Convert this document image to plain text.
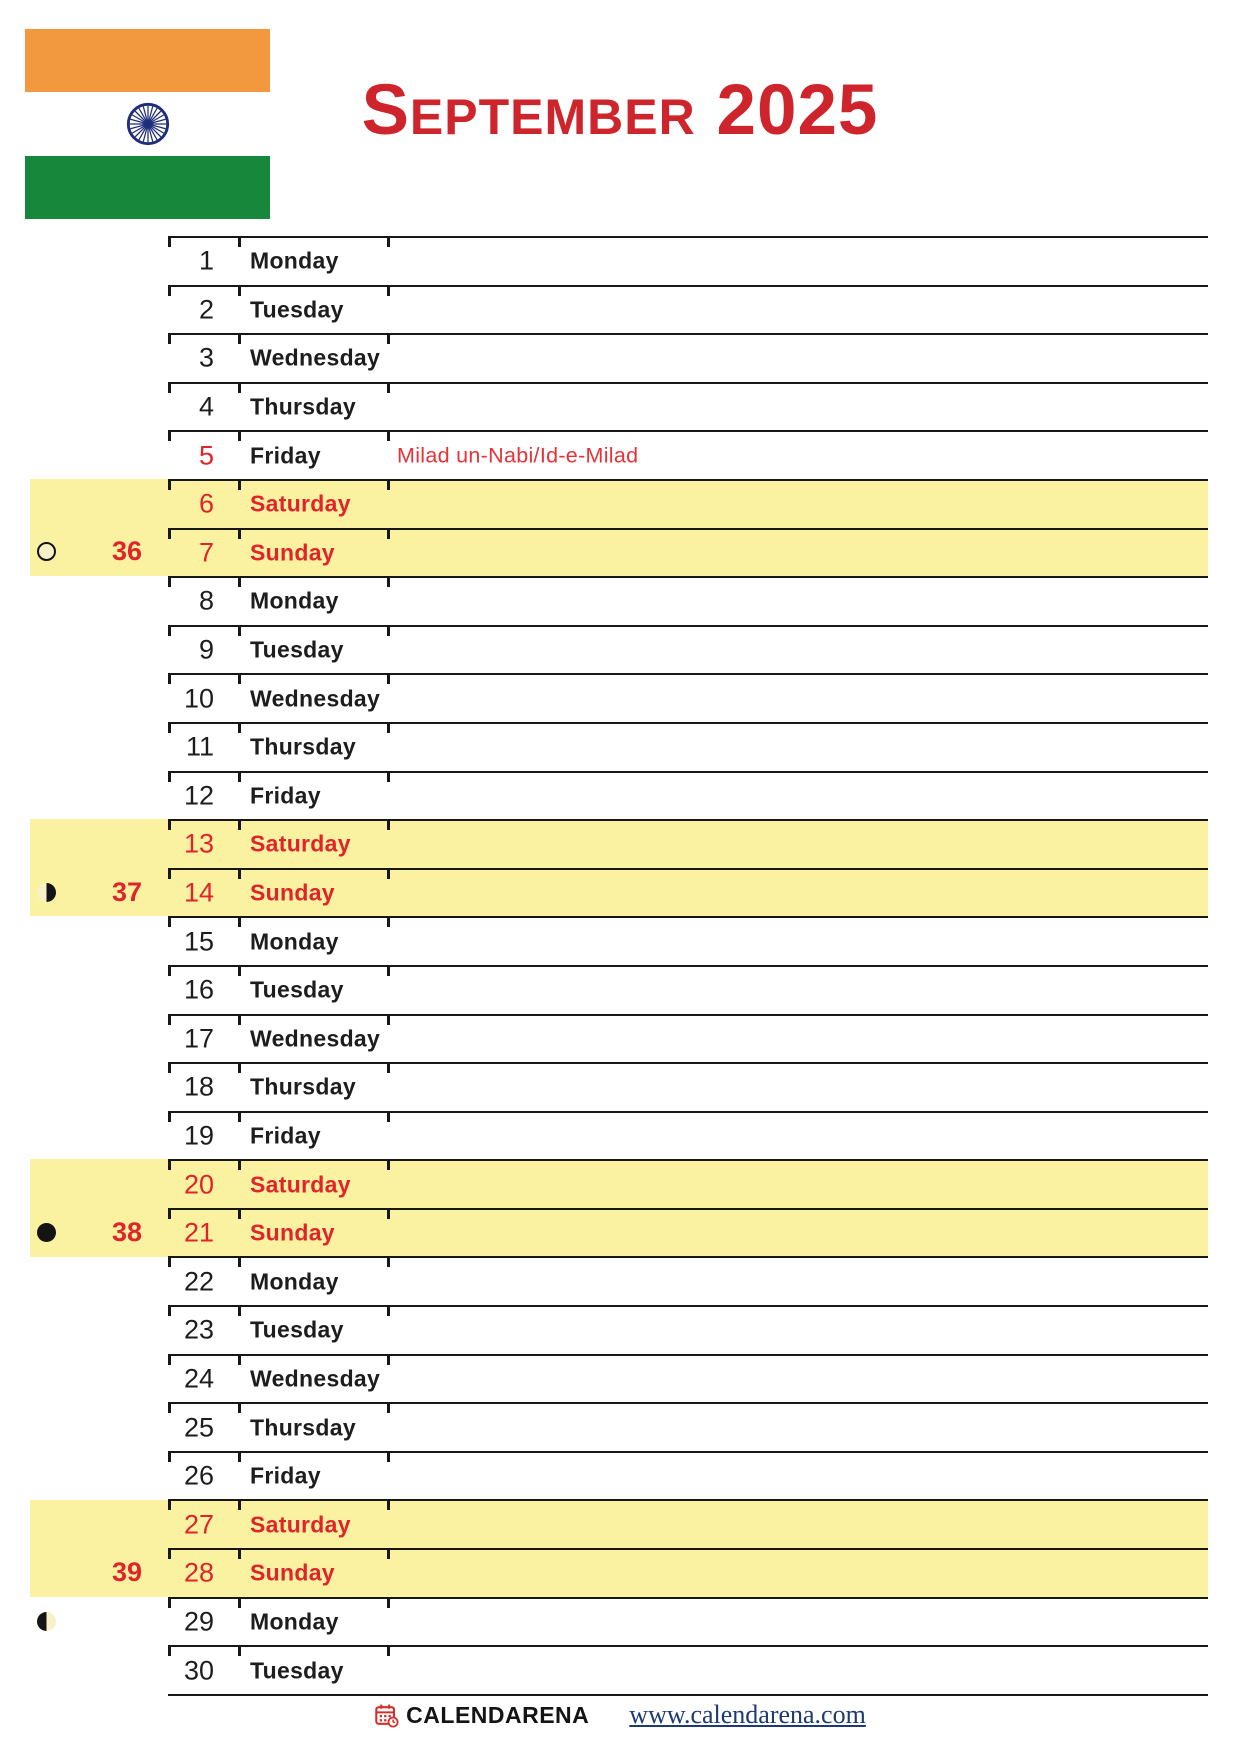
September 2025
36
37
38
39
1 Monday
2 Tuesday
3 Wednesday
4 Thursday
5 Friday	Milad un-Nabi/Id-e-Milad
6 Saturday
7 Sunday
8 Monday
9 Tuesday
10 Wednesday
11 Thursday
12 Friday
13 Saturday
14 Sunday
15 Monday
16 Tuesday
17 Wednesday
18 Thursday
19 Friday
20 Saturday
21 Sunday
22 Monday
23 Tuesday
24 Wednesday
25 Thursday
26 Friday
27 Saturday
28 Sunday
29 Monday
30 Tuesday
CALENDARENA www.calendarena.com
